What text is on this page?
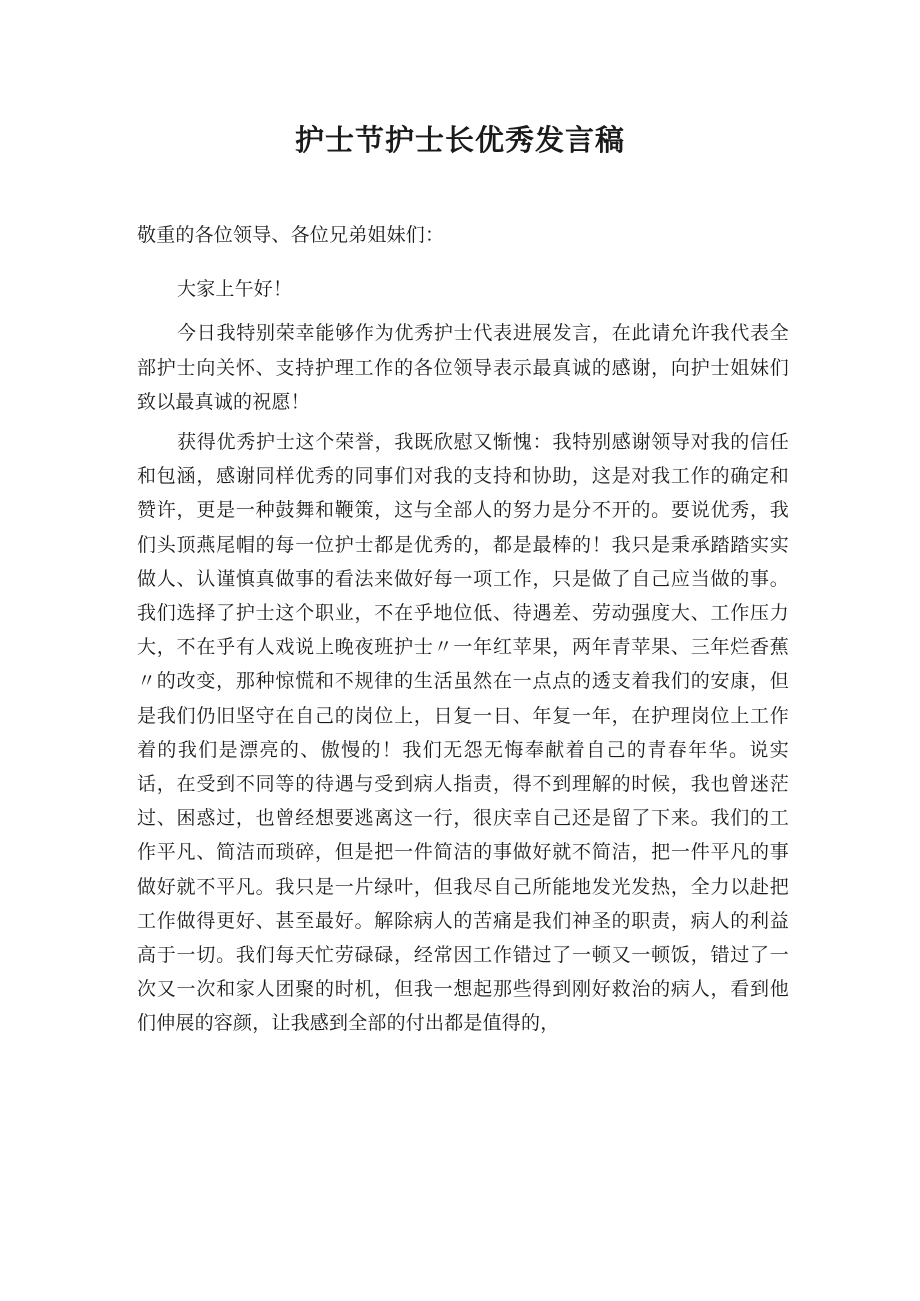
护士节护士长优秀发言稿

敬重的各位领导、各位兄弟姐妹们：

大家上午好！

今日我特别荣幸能够作为优秀护士代表进展发言，在此请允许我代表全部护士向关怀、支持护理工作的各位领导表示最真诚的感谢，向护士姐妹们致以最真诚的祝愿！

获得优秀护士这个荣誉，我既欣慰又惭愧：我特别感谢领导对我的信任和包涵，感谢同样优秀的同事们对我的支持和协助，这是对我工作的确定和赞许，更是一种鼓舞和鞭策，这与全部人的努力是分不开的。要说优秀，我们头顶燕尾帽的每一位护士都是优秀的，都是最棒的！我只是秉承踏踏实实做人、认谨慎真做事的看法来做好每一项工作，只是做了自己应当做的事。我们选择了护士这个职业，不在乎地位低、待遇差、劳动强度大、工作压力大，不在乎有人戏说上晚夜班护士〃一年红苹果，两年青苹果、三年烂香蕉〃的改变，那种惊慌和不规律的生活虽然在一点点的透支着我们的安康，但是我们仍旧坚守在自己的岗位上，日复一日、年复一年，在护理岗位上工作着的我们是漂亮的、傲慢的！我们无怨无悔奉献着自己的青春年华。说实话，在受到不同等的待遇与受到病人指责，得不到理解的时候，我也曾迷茫过、困惑过，也曾经想要逃离这一行，很庆幸自己还是留了下来。我们的工作平凡、简洁而琐碎，但是把一件简洁的事做好就不简洁，把一件平凡的事做好就不平凡。我只是一片绿叶，但我尽自己所能地发光发热，全力以赴把工作做得更好、甚至最好。解除病人的苦痛是我们神圣的职责，病人的利益高于一切。我们每天忙劳碌碌，经常因工作错过了一顿又一顿饭，错过了一次又一次和家人团聚的时机，但我一想起那些得到刚好救治的病人，看到他们伸展的容颜，让我感到全部的付出都是值得的，
